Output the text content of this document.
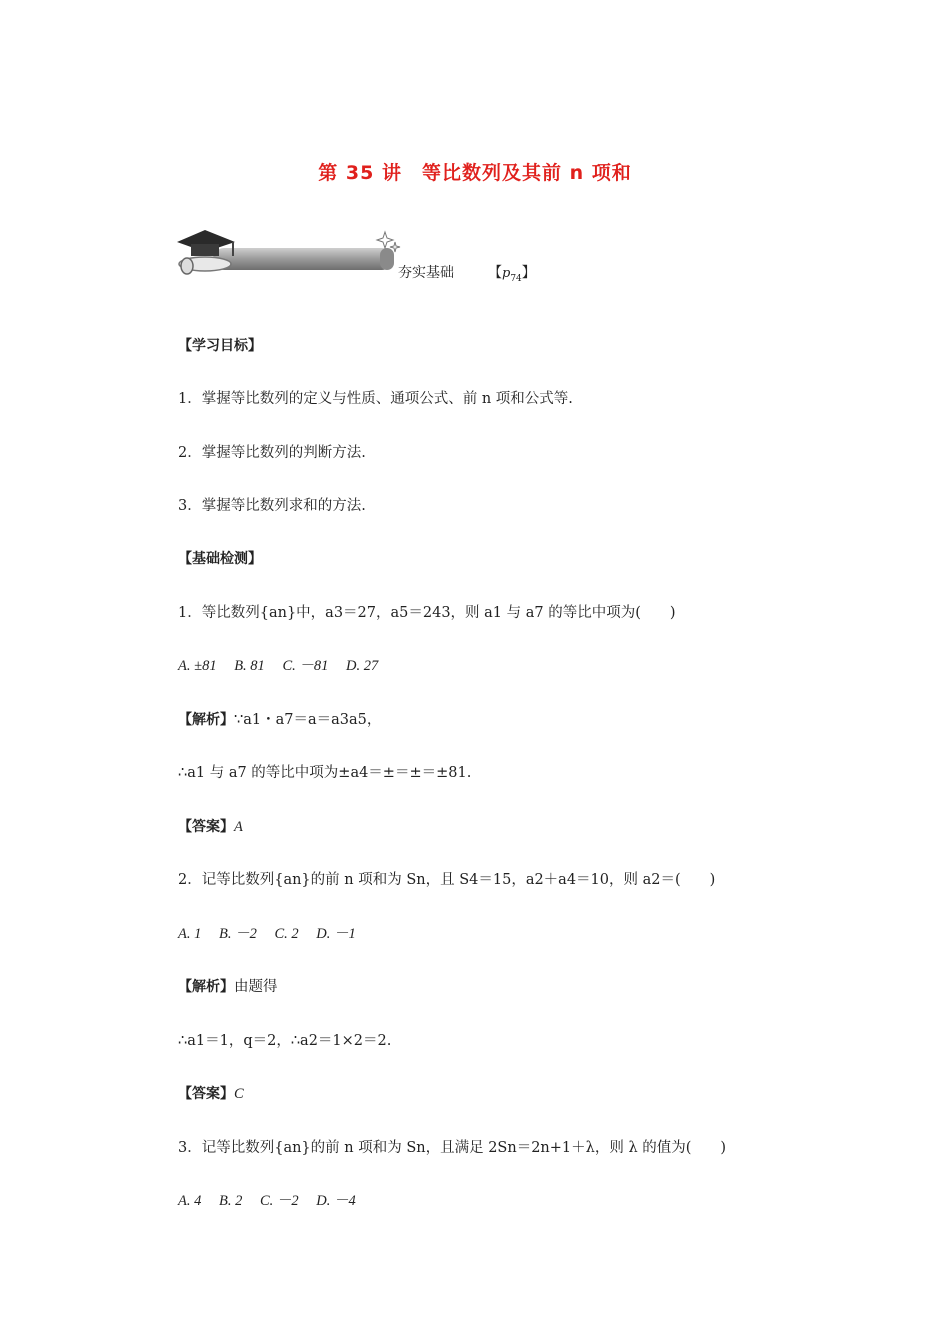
第 35 讲　等比数列及其前 n 项和
夯实基础 【$p_{74}$】
【学习目标】
1．掌握等比数列的定义与性质、通项公式、前 n 项和公式等.
2．掌握等比数列的判断方法.
3．掌握等比数列求和的方法.
【基础检测】
1．等比数列{an}中，a3＝27，a5＝243，则 a1 与 a7 的等比中项为(　　)
A. ±81 B. 81 C. －81 D. 27
【解析】∵a1・a7＝a＝a3a5，
∴a1 与 a7 的等比中项为±a4＝±＝±＝±81.
【答案】A
2．记等比数列{an}的前 n 项和为 Sn，且 S4＝15，a2＋a4＝10，则 a2＝(　　)
A. 1 B. －2 C. 2 D. －1
【解析】由题得
∴a1＝1，q＝2，∴a2＝1×2＝2.
【答案】C
3．记等比数列{an}的前 n 项和为 Sn，且满足 2Sn＝2n+1＋λ，则 λ 的值为(　　)
A. 4 B. 2 C. －2 D. －4
